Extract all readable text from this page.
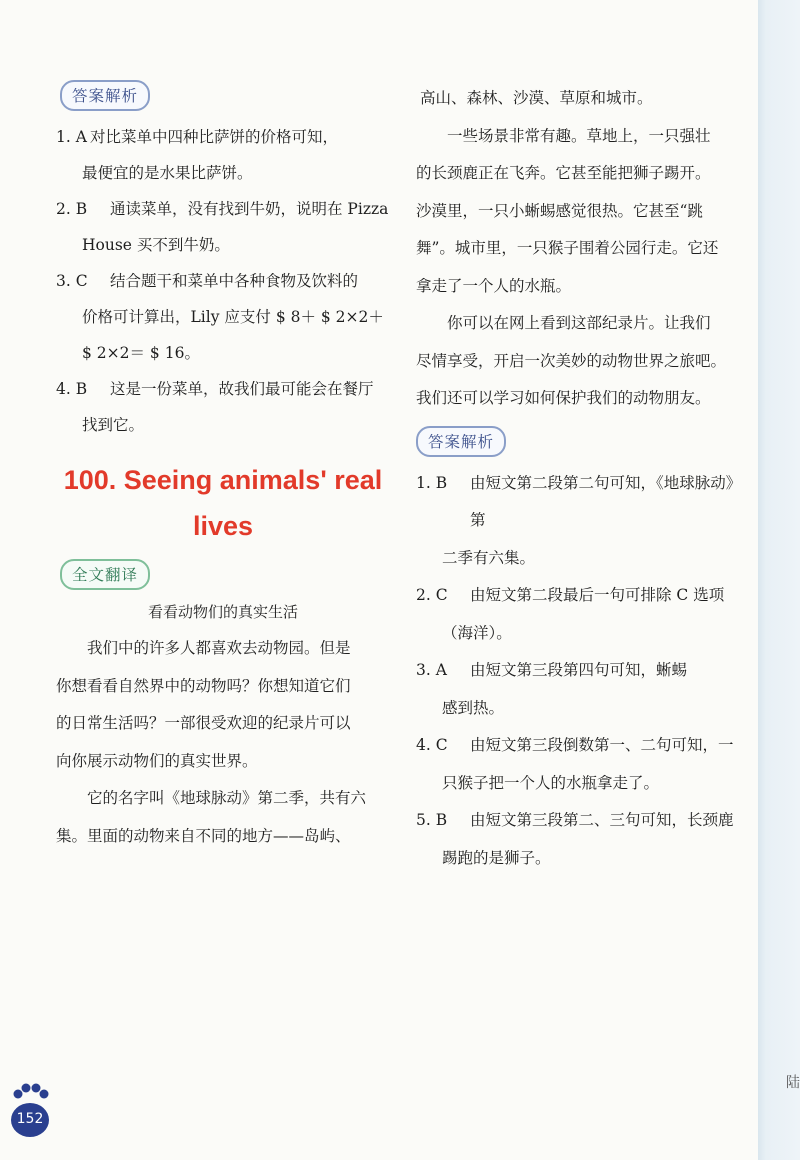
陆
答案解析
1. A 对比菜单中四种比萨饼的价格可知，
最便宜的是水果比萨饼。
2. B 通读菜单，没有找到牛奶，说明在 Pizza
House 买不到牛奶。
3. C 结合题干和菜单中各种食物及饮料的
价格可计算出，Lily 应支付 $ 8＋ $ 2×2＋
$ 2×2＝ $ 16。
4. B 这是一份菜单，故我们最可能会在餐厅
找到它。

100. Seeing animals' real

lives

全文翻译
看看动物们的真实生活

我们中的许多人都喜欢去动物园。但是

你想看看自然界中的动物吗？你想知道它们

的日常生活吗？一部很受欢迎的纪录片可以

向你展示动物们的真实世界。

它的名字叫《地球脉动》第二季，共有六

集。里面的动物来自不同的地方——岛屿、

高山、森林、沙漠、草原和城市。

一些场景非常有趣。草地上，一只强壮

的长颈鹿正在飞奔。它甚至能把狮子踢开。

沙漠里，一只小蜥蜴感觉很热。它甚至“跳

舞”。城市里，一只猴子围着公园行走。它还

拿走了一个人的水瓶。

你可以在网上看到这部纪录片。让我们

尽情享受，开启一次美妙的动物世界之旅吧。

我们还可以学习如何保护我们的动物朋友。

答案解析
1. B 由短文第二段第二句可知，《地球脉动》第
二季有六集。
2. C 由短文第二段最后一句可排除 C 选项
（海洋）。
3. A 由短文第三段第四句可知，蜥蜴
感到热。
4. C 由短文第三段倒数第一、二句可知，一
只猴子把一个人的水瓶拿走了。
5. B 由短文第三段第二、三句可知，长颈鹿
踢跑的是狮子。
152
